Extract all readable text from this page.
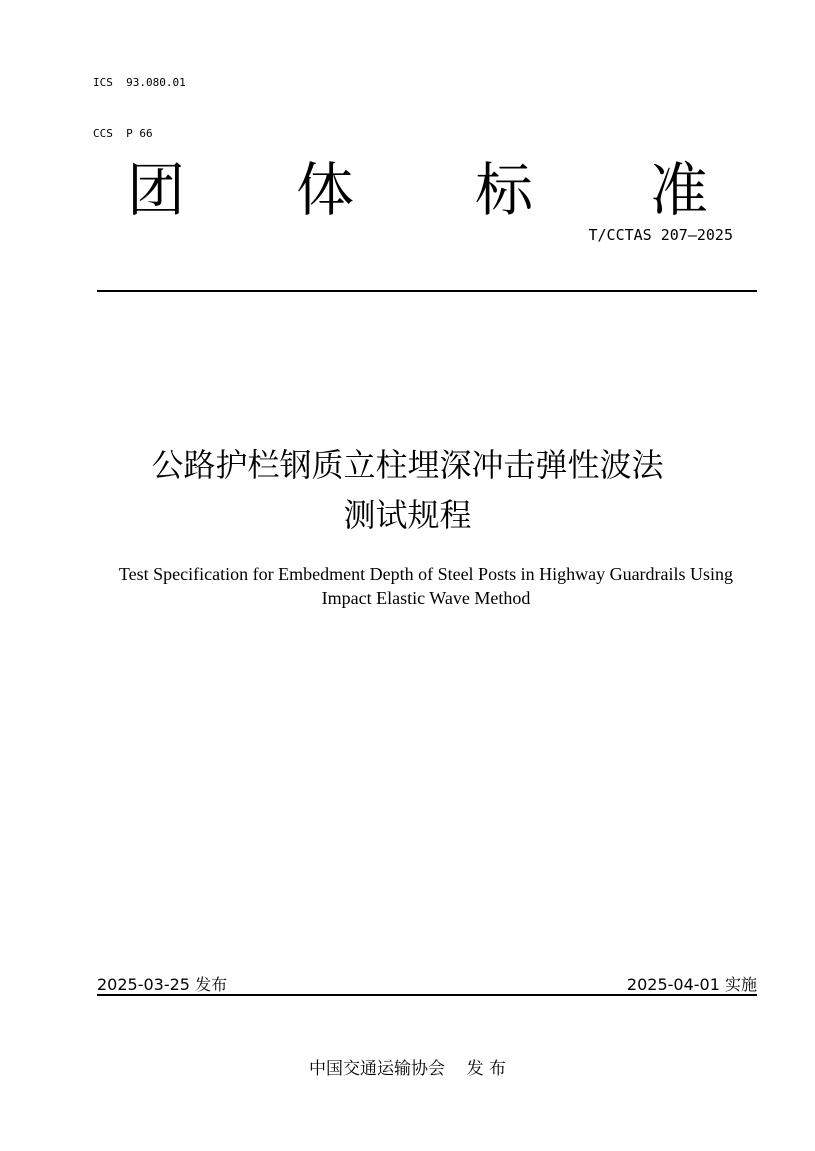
ICS  93.080.01

CCS  P 66

团 体 标 准
T/CCTAS 207—2025
公路护栏钢质立柱埋深冲击弹性波法
测试规程
Test Specification for Embedment Depth of Steel Posts in Highway Guardrails Using
Impact Elastic Wave Method
2025-03-25 发布	2025-04-01 实施
中国交通运输协会    发 布
